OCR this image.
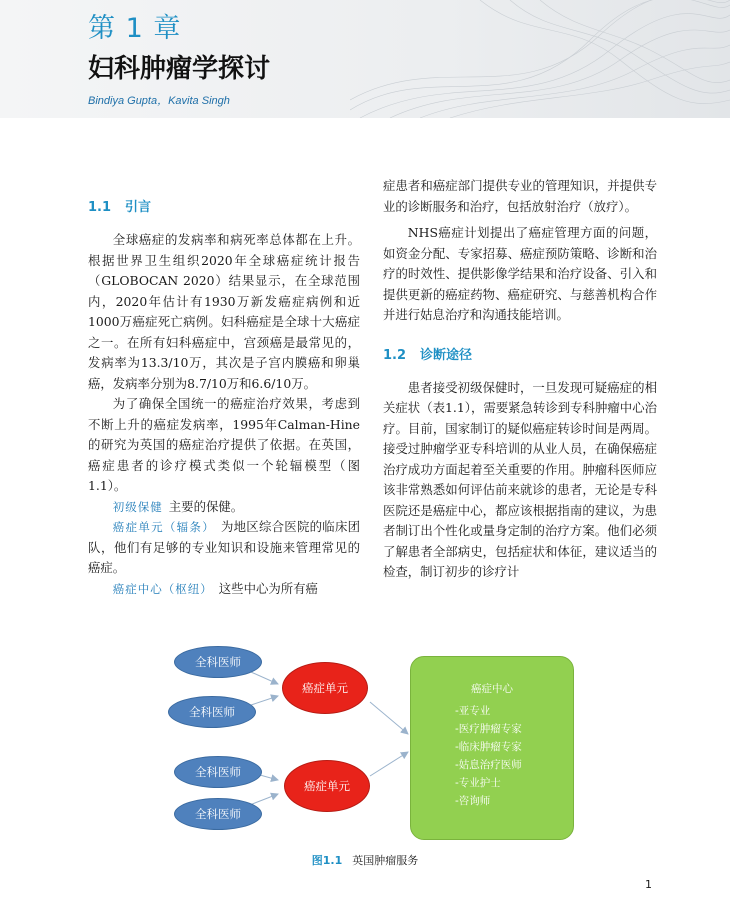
第 1 章
妇科肿瘤学探讨
Bindiya Gupta，Kavita Singh
1.1 引言

全球癌症的发病率和病死率总体都在上升。根据世界卫生组织2020年全球癌症统计报告（GLOBOCAN 2020）结果显示，在全球范围内，2020年估计有1930万新发癌症病例和近1000万癌症死亡病例。妇科癌症是全球十大癌症之一。在所有妇科癌症中，宫颈癌是最常见的，发病率为13.3/10万，其次是子宫内膜癌和卵巢癌，发病率分别为8.7/10万和6.6/10万。

为了确保全国统一的癌症治疗效果，考虑到不断上升的癌症发病率，1995年Calman-Hine的研究为英国的癌症治疗提供了依据。在英国，癌症患者的诊疗模式类似一个轮辐模型（图1.1）。

初级保健 主要的保健。

癌症单元（辐条） 为地区综合医院的临床团队，他们有足够的专业知识和设施来管理常见的癌症。

癌症中心（枢纽） 这些中心为所有癌

症患者和癌症部门提供专业的管理知识，并提供专业的诊断服务和治疗，包括放射治疗（放疗）。

NHS癌症计划提出了癌症管理方面的问题，如资金分配、专家招募、癌症预防策略、诊断和治疗的时效性、提供影像学结果和治疗设备、引入和提供更新的癌症药物、癌症研究、与慈善机构合作并进行姑息治疗和沟通技能培训。

1.2 诊断途径

患者接受初级保健时，一旦发现可疑癌症的相关症状（表1.1），需要紧急转诊到专科肿瘤中心治疗。目前，国家制订的疑似癌症转诊时间是两周。接受过肿瘤学亚专科培训的从业人员，在确保癌症治疗成功方面起着至关重要的作用。肿瘤科医师应该非常熟悉如何评估前来就诊的患者，无论是专科医院还是癌症中心，都应该根据指南的建议，为患者制订出个性化或量身定制的治疗方案。他们必须了解患者全部病史，包括症状和体征，建议适当的检查，制订初步的诊疗计

全科医师
全科医师
全科医师
全科医师
癌症单元
癌症单元
癌症中心
-亚专业
-医疗肿瘤专家
-临床肿瘤专家
-姑息治疗医师
-专业护士
-咨询师
图1.1 英国肿瘤服务
1
